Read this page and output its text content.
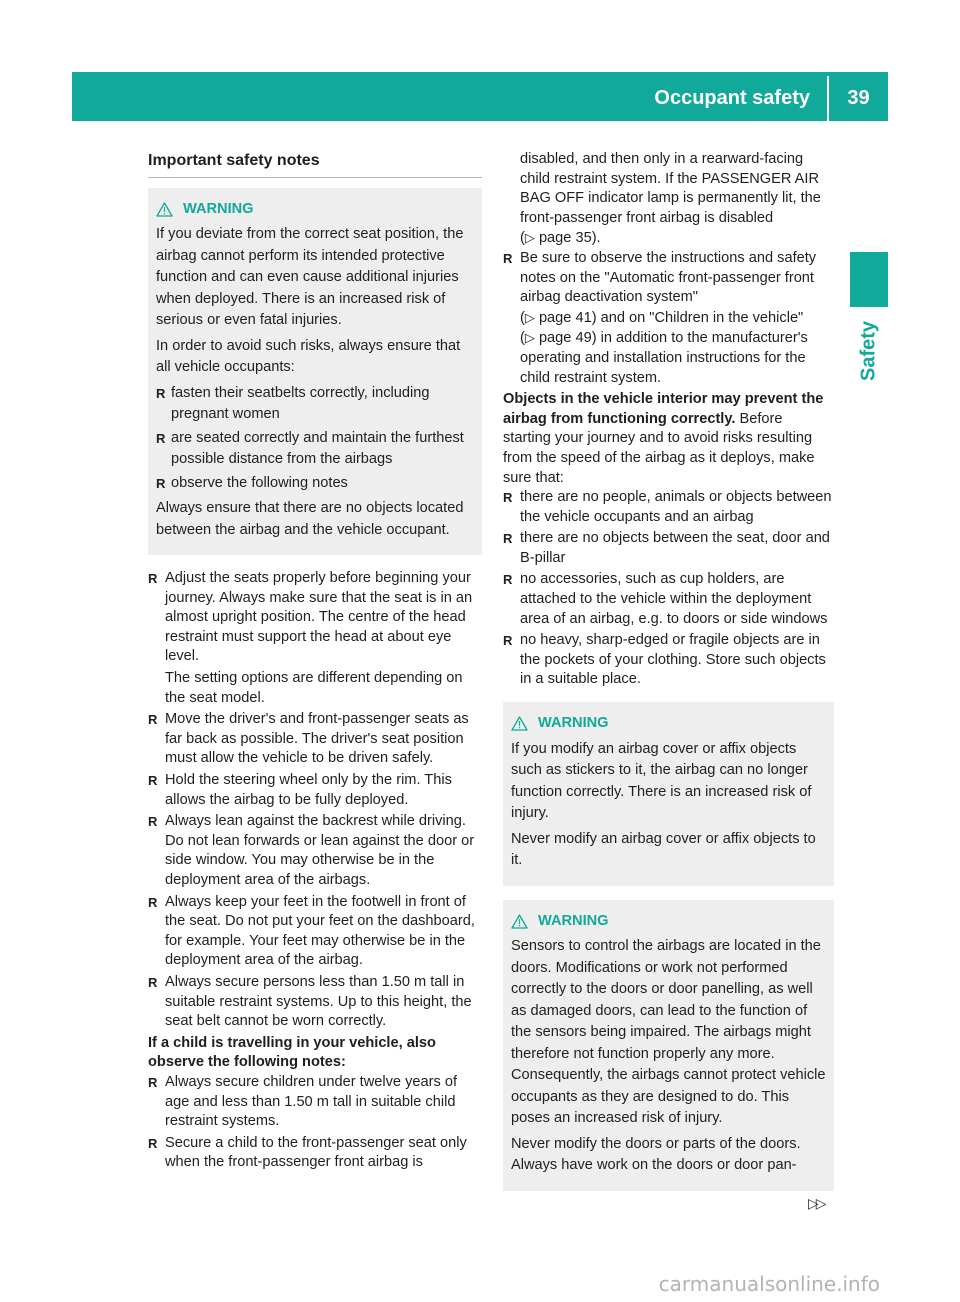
Occupant safety	39
Safety
Important safety notes
WARNING

If you deviate from the correct seat position, the airbag cannot perform its intended protective function and can even cause additional injuries when deployed. There is an increased risk of serious or even fatal injuries.

In order to avoid such risks, always ensure that all vehicle occupants:

R fasten their seatbelts correctly, including pregnant women
R are seated correctly and maintain the furthest possible distance from the airbags
R observe the following notes

Always ensure that there are no objects located between the airbag and the vehicle occupant.

R Adjust the seats properly before beginning your journey. Always make sure that the seat is in an almost upright position. The centre of the head restraint must support the head at about eye level.
The setting options are different depending on the seat model.
R Move the driver's and front-passenger seats as far back as possible. The driver's seat position must allow the vehicle to be driven safely.
R Hold the steering wheel only by the rim. This allows the airbag to be fully deployed.
R Always lean against the backrest while driving. Do not lean forwards or lean against the door or side window. You may otherwise be in the deployment area of the airbags.
R Always keep your feet in the footwell in front of the seat. Do not put your feet on the dashboard, for example. Your feet may otherwise be in the deployment area of the airbag.
R Always secure persons less than 1.50 m tall in suitable restraint systems. Up to this height, the seat belt cannot be worn correctly.

If a child is travelling in your vehicle, also observe the following notes:

R Always secure children under twelve years of age and less than 1.50 m tall in suitable child restraint systems.
R Secure a child to the front-passenger seat only when the front-passenger front airbag is

disabled, and then only in a rearward-facing child restraint system. If the PASSENGER AIR BAG OFF indicator lamp is permanently lit, the front-passenger front airbag is disabled
(▷ page 35).

R Be sure to observe the instructions and safety notes on the "Automatic front-passenger front airbag deactivation system"
(▷ page 41) and on "Children in the vehicle"
(▷ page 49) in addition to the manufacturer's operating and installation instructions for the child restraint system.

Objects in the vehicle interior may prevent the airbag from functioning correctly. Before starting your journey and to avoid risks resulting from the speed of the airbag as it deploys, make sure that:

R there are no people, animals or objects between the vehicle occupants and an airbag
R there are no objects between the seat, door and B-pillar
R no accessories, such as cup holders, are attached to the vehicle within the deployment area of an airbag, e.g. to doors or side windows
R no heavy, sharp-edged or fragile objects are in the pockets of your clothing. Store such objects in a suitable place.
WARNING

If you modify an airbag cover or affix objects such as stickers to it, the airbag can no longer function correctly. There is an increased risk of injury.

Never modify an airbag cover or affix objects to it.

WARNING

Sensors to control the airbags are located in the doors. Modifications or work not performed correctly to the doors or door panelling, as well as damaged doors, can lead to the function of the sensors being impaired. The airbags might therefore not function properly any more. Consequently, the airbags cannot protect vehicle occupants as they are designed to do. This poses an increased risk of injury.

Never modify the doors or parts of the doors. Always have work on the doors or door pan-

▷▷
carmanualsonline.info
